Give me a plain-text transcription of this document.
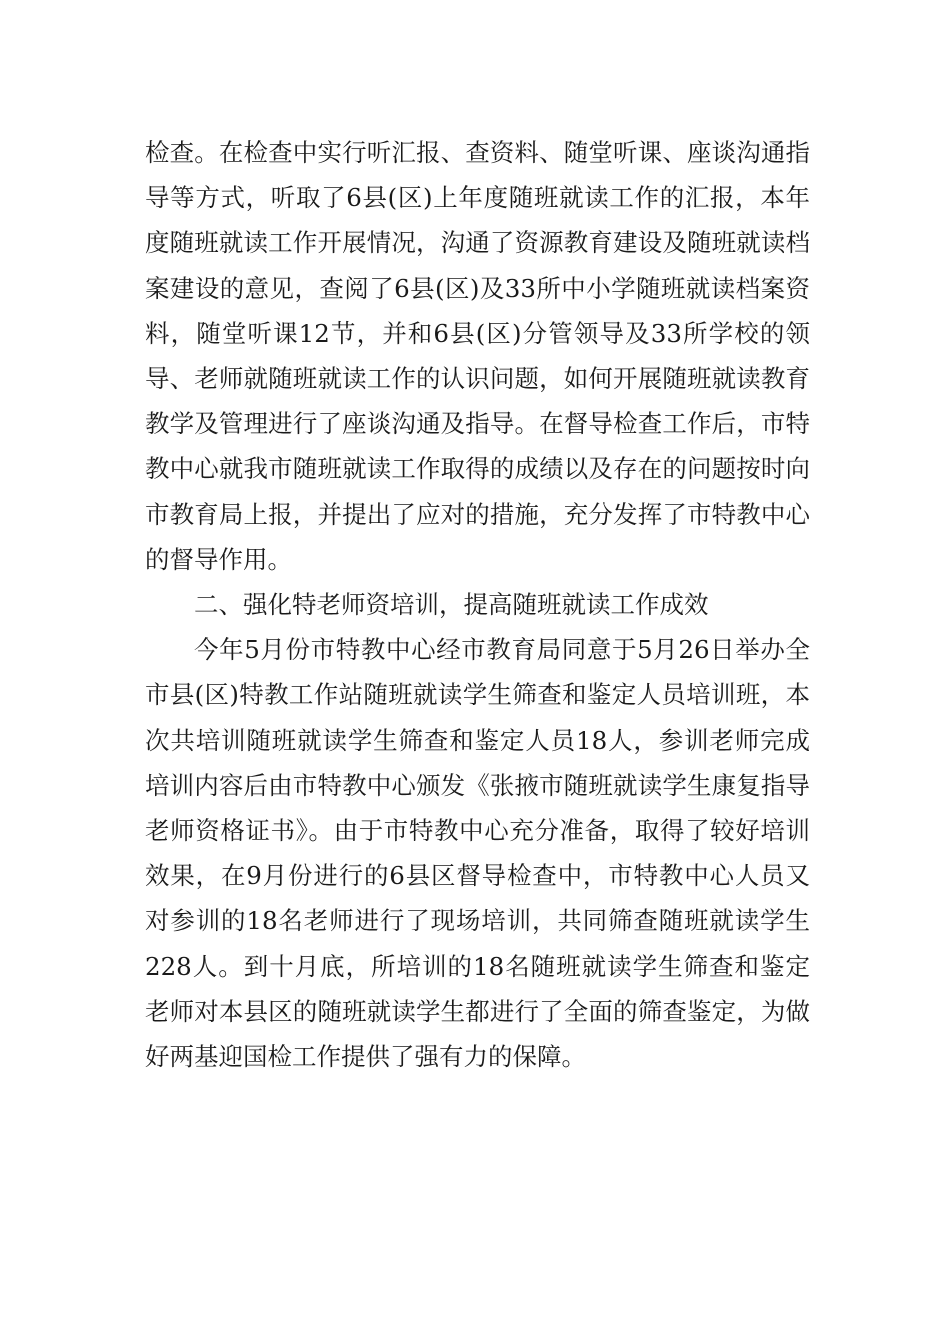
检查。在检查中实行听汇报、查资料、随堂听课、座谈沟通指导等方式，听取了6县(区)上年度随班就读工作的汇报，本年度随班就读工作开展情况，沟通了资源教育建设及随班就读档案建设的意见，查阅了6县(区)及33所中小学随班就读档案资料，随堂听课12节，并和6县(区)分管领导及33所学校的领导、老师就随班就读工作的认识问题，如何开展随班就读教育教学及管理进行了座谈沟通及指导。在督导检查工作后，市特教中心就我市随班就读工作取得的成绩以及存在的问题按时向市教育局上报，并提出了应对的措施，充分发挥了市特教中心的督导作用。

二、强化特老师资培训，提高随班就读工作成效

今年5月份市特教中心经市教育局同意于5月26日举办全市县(区)特教工作站随班就读学生筛查和鉴定人员培训班，本次共培训随班就读学生筛查和鉴定人员18人，参训老师完成培训内容后由市特教中心颁发《张掖市随班就读学生康复指导老师资格证书》。由于市特教中心充分准备，取得了较好培训效果，在9月份进行的6县区督导检查中，市特教中心人员又对参训的18名老师进行了现场培训，共同筛查随班就读学生228人。到十月底，所培训的18名随班就读学生筛查和鉴定老师对本县区的随班就读学生都进行了全面的筛查鉴定，为做好两基迎国检工作提供了强有力的保障。
